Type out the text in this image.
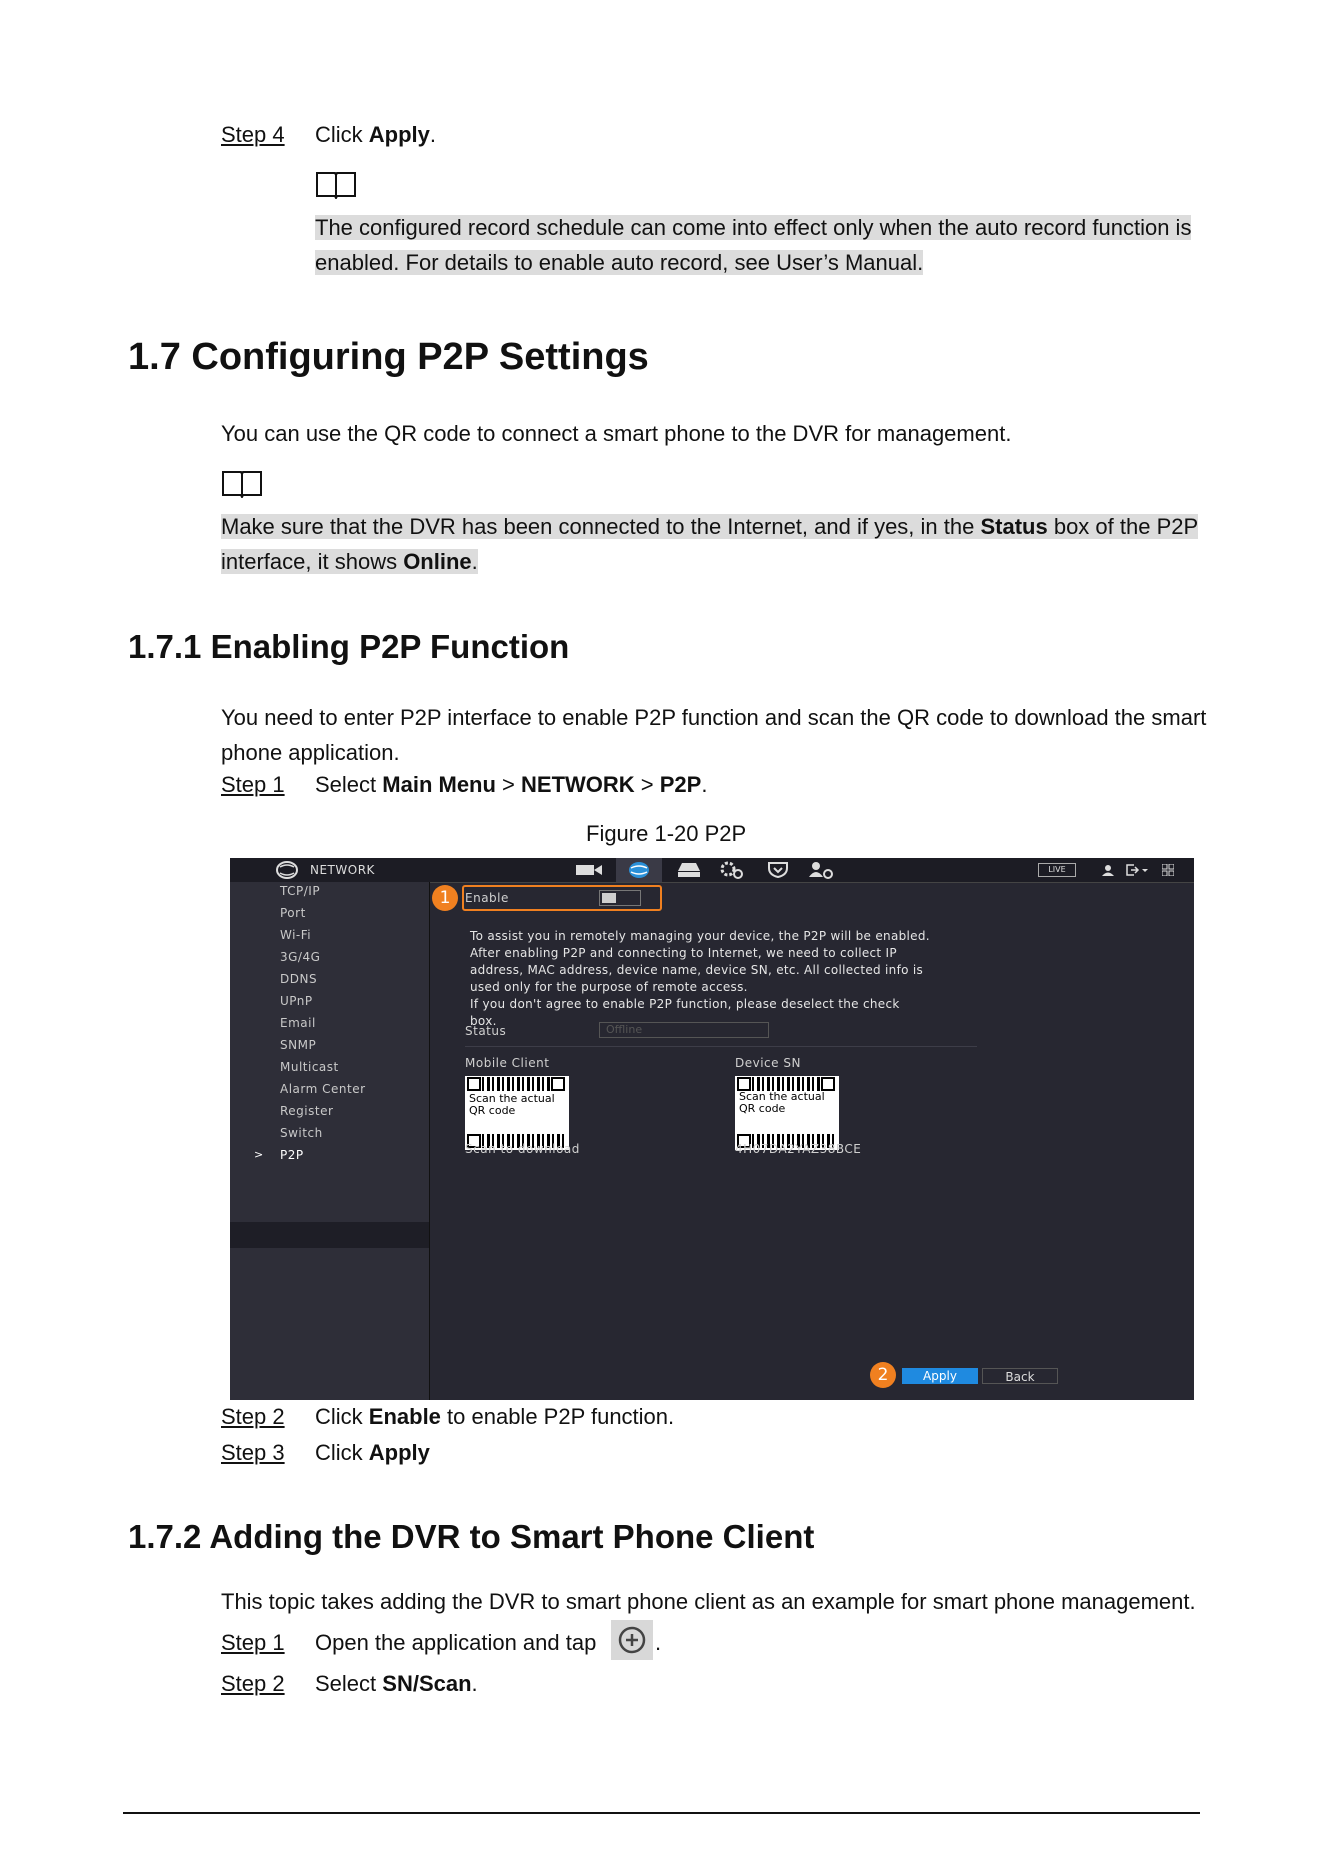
Step 4 Click Apply.
The configured record schedule can come into effect only when the auto record function is

enabled. For details to enable auto record, see User’s Manual.
1.7 Configuring P2P Settings
You can use the QR code to connect a smart phone to the DVR for management.
Make sure that the DVR has been connected to the Internet, and if yes, in the Status box of the P2P

interface, it shows Online.
1.7.1 Enabling P2P Function
You need to enter P2P interface to enable P2P function and scan the QR code to download the smart
phone application.
Step 1 Select Main Menu > NETWORK > P2P.
Figure 1-20 P2P
NETWORK	LIVE
TCP/IP
Port
Wi-Fi
3G/4G
DDNS
UPnP
Email
SNMP
Multicast
Alarm Center
Register
Switch
> P2P
1	Enable
To assist you in remotely managing your device, the P2P will be enabled.
After enabling P2P and connecting to Internet, we need to collect IP
address, MAC address, device name, device SN, etc. All collected info is
used only for the purpose of remote access.
If you don't agree to enable P2P function, please deselect the check
box.
Status	Offline
Mobile Client
Scan the actual
QR code
Scan to download
Device SN
Scan the actual
QR code
4H07DA2YAZ38BCE
2	Apply	Back
Step 2 Click Enable to enable P2P function.
Step 3 Click Apply
1.7.2 Adding the DVR to Smart Phone Client
This topic takes adding the DVR to smart phone client as an example for smart phone management.
Step 1 Open the application and tap	.
Step 2 Select SN/Scan.
